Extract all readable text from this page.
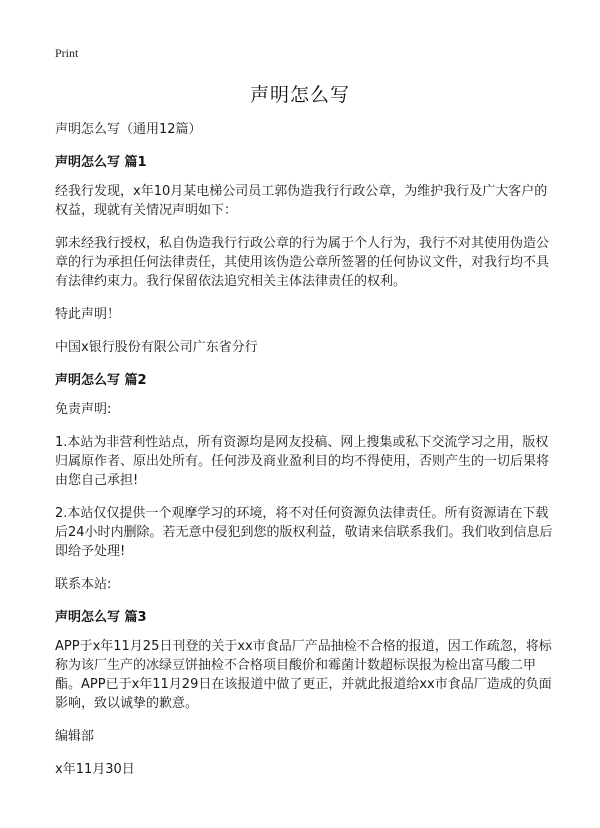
Print
声明怎么写

声明怎么写（通用12篇）

声明怎么写 篇1

经我行发现，x年10月某电梯公司员工郭伪造我行行政公章，为维护我行及广大客户的权益，现就有关情况声明如下：

郭未经我行授权，私自伪造我行行政公章的行为属于个人行为，我行不对其使用伪造公章的行为承担任何法律责任，其使用该伪造公章所签署的任何协议文件，对我行均不具有法律约束力。我行保留依法追究相关主体法律责任的权利。

特此声明！

中国x银行股份有限公司广东省分行

声明怎么写 篇2

免责声明:

1.本站为非营利性站点，所有资源均是网友投稿、网上搜集或私下交流学习之用，版权归属原作者、原出处所有。任何涉及商业盈利目的均不得使用，否则产生的一切后果将由您自己承担!

2.本站仅仅提供一个观摩学习的环境，将不对任何资源负法律责任。所有资源请在下载后24小时内删除。若无意中侵犯到您的版权利益，敬请来信联系我们。我们收到信息后即给予处理!

联系本站:

声明怎么写 篇3

APP于x年11月25日刊登的关于xx市食品厂产品抽检不合格的报道，因工作疏忽，将标称为该厂生产的冰绿豆饼抽检不合格项目酸价和霉菌计数超标误报为检出富马酸二甲酯。APP已于x年11月29日在该报道中做了更正，并就此报道给xx市食品厂造成的负面影响，致以诚挚的歉意。

编辑部

x年11月30日
